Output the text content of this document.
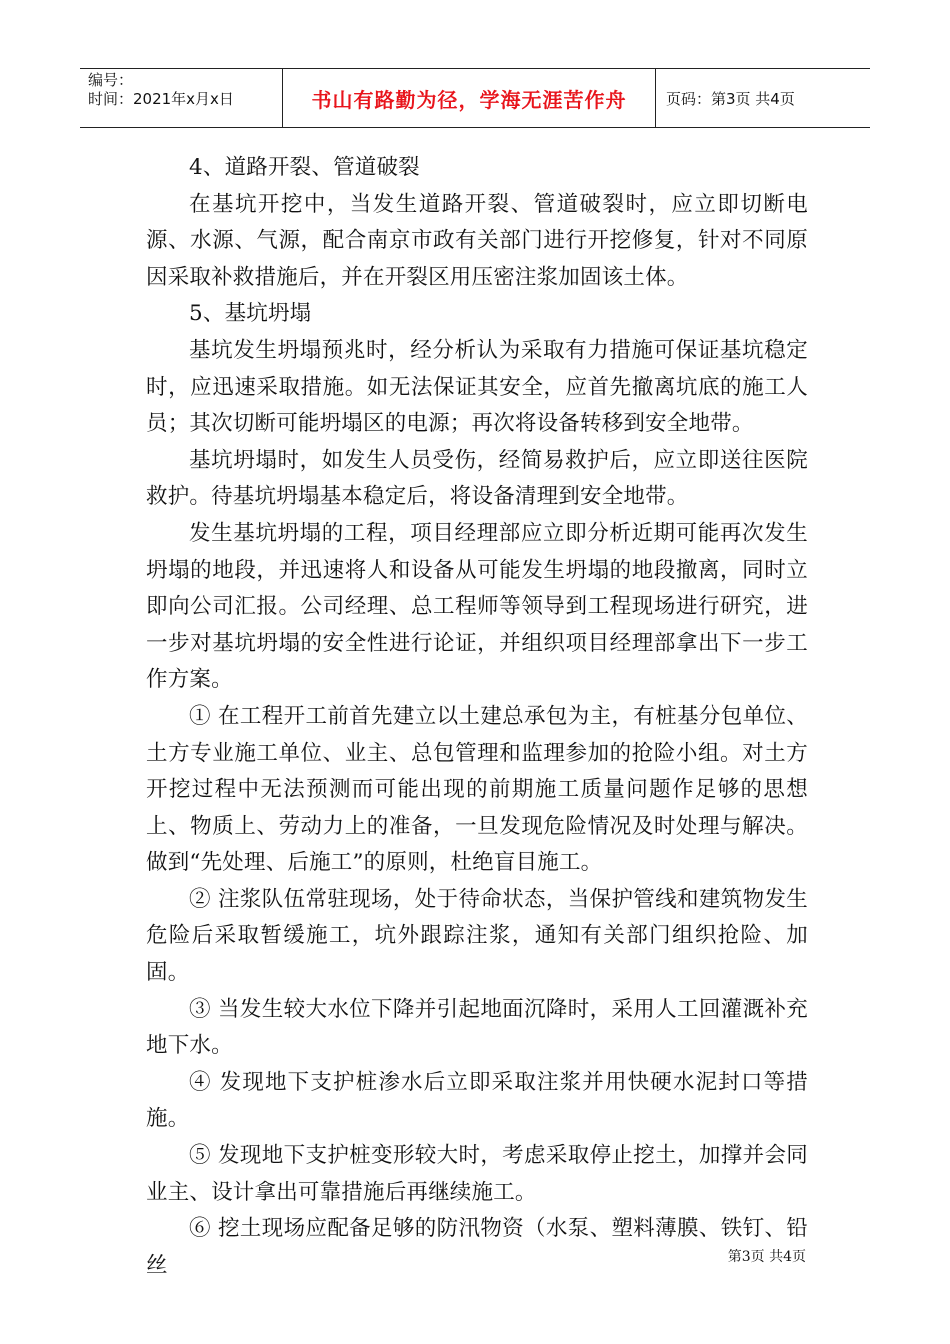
编号：
时间：2021年x月x日	书山有路勤为径，学海无涯苦作舟	页码：第3页 共4页

4、道路开裂、管道破裂

在基坑开挖中，当发生道路开裂、管道破裂时，应立即切断电源、水源、气源，配合南京市政有关部门进行开挖修复，针对不同原因采取补救措施后，并在开裂区用压密注浆加固该土体。

5、基坑坍塌

基坑发生坍塌预兆时，经分析认为采取有力措施可保证基坑稳定时，应迅速采取措施。如无法保证其安全，应首先撤离坑底的施工人员；其次切断可能坍塌区的电源；再次将设备转移到安全地带。

基坑坍塌时，如发生人员受伤，经简易救护后，应立即送往医院救护。待基坑坍塌基本稳定后，将设备清理到安全地带。

发生基坑坍塌的工程，项目经理部应立即分析近期可能再次发生坍塌的地段，并迅速将人和设备从可能发生坍塌的地段撤离，同时立即向公司汇报。公司经理、总工程师等领导到工程现场进行研究，进一步对基坑坍塌的安全性进行论证，并组织项目经理部拿出下一步工作方案。

① 在工程开工前首先建立以土建总承包为主，有桩基分包单位、土方专业施工单位、业主、总包管理和监理参加的抢险小组。对土方开挖过程中无法预测而可能出现的前期施工质量问题作足够的思想上、物质上、劳动力上的准备，一旦发现危险情况及时处理与解决。做到“先处理、后施工”的原则，杜绝盲目施工。

② 注浆队伍常驻现场，处于待命状态，当保护管线和建筑物发生危险后采取暂缓施工，坑外跟踪注浆，通知有关部门组织抢险、加固。

③ 当发生较大水位下降并引起地面沉降时，采用人工回灌溉补充地下水。

④ 发现地下支护桩渗水后立即采取注浆并用快硬水泥封口等措施。

⑤ 发现地下支护桩变形较大时，考虑采取停止挖土，加撑并会同业主、设计拿出可靠措施后再继续施工。

⑥ 挖土现场应配备足够的防汛物资（水泵、塑料薄膜、铁钉、铅丝	第3页 共4页
